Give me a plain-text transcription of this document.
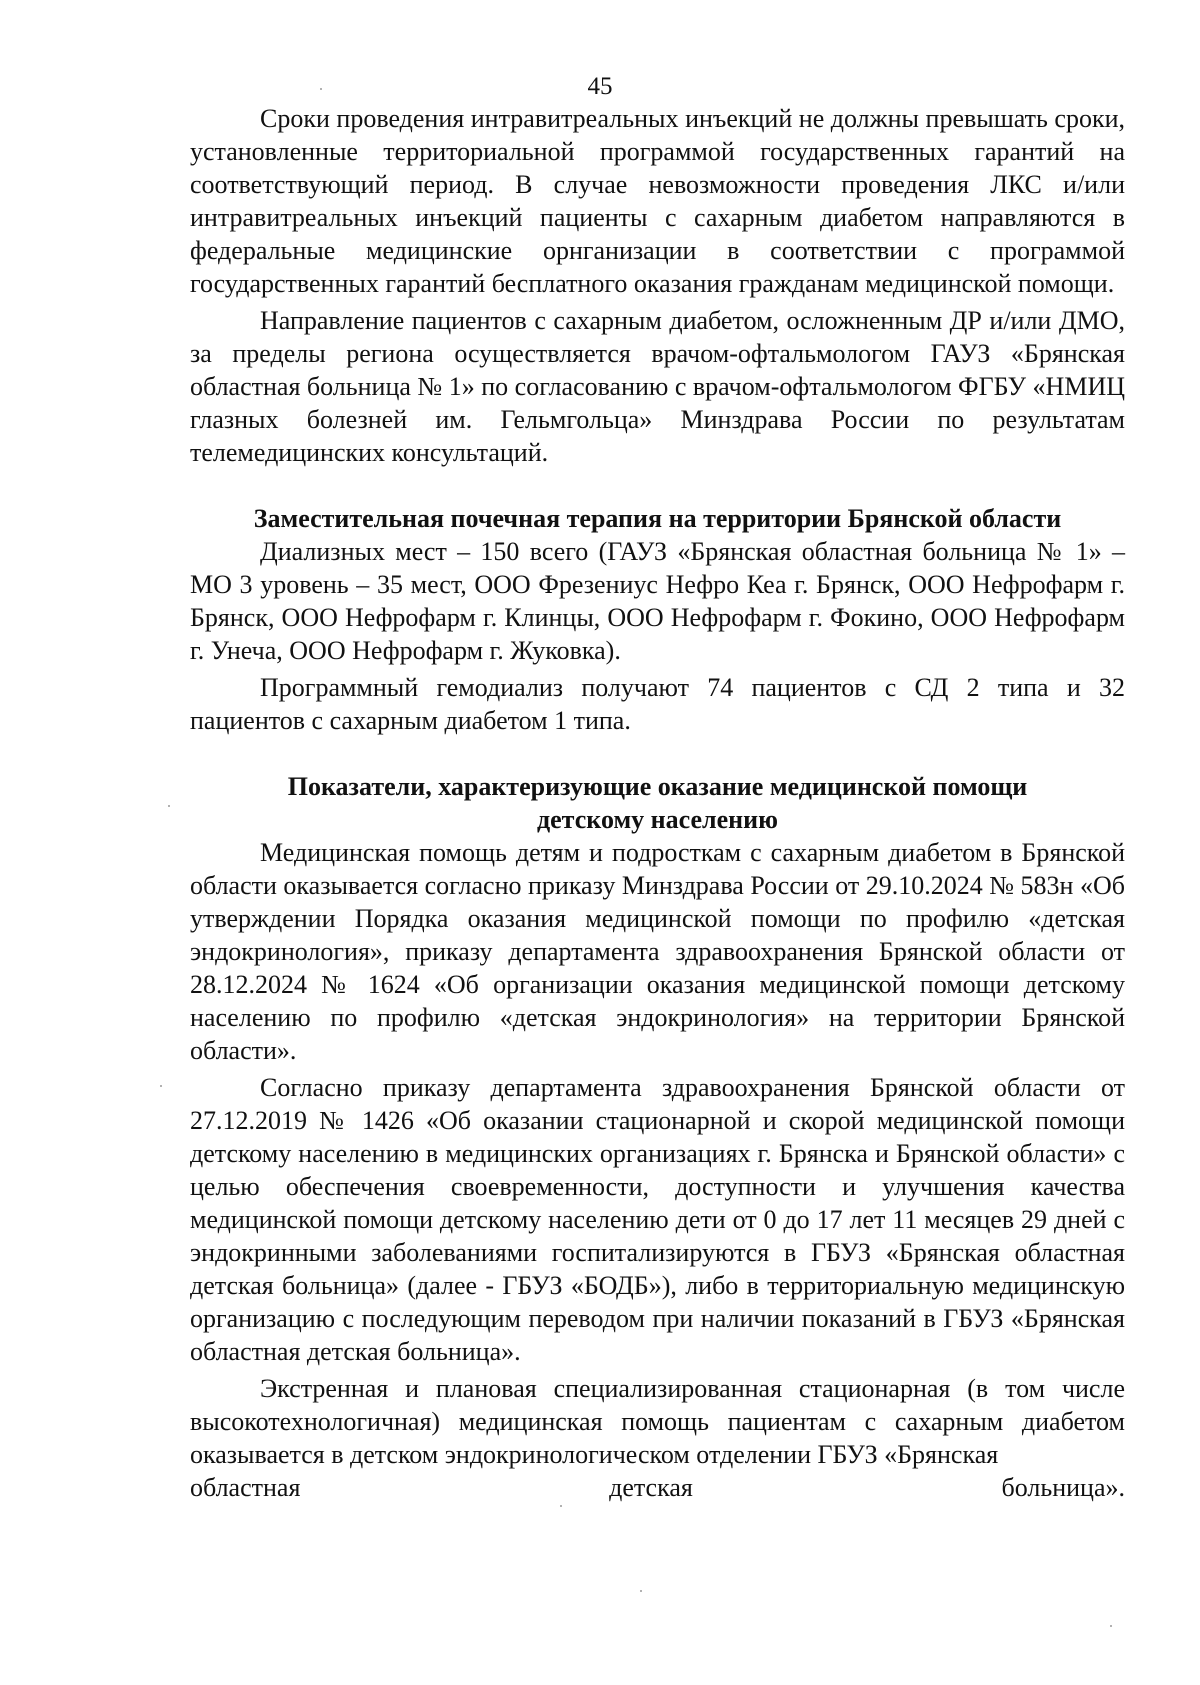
45

Сроки проведения интравитреальных инъекций не должны превышать сроки, установленные территориальной программой государственных гарантий на соответствующий период. В случае невозможности проведения ЛКС и/или интравитреальных инъекций пациенты с сахарным диабетом направляются в федеральные медицинские орнганизации в соответствии с программой государственных гарантий бесплатного оказания гражданам медицинской помощи.

Направление пациентов с сахарным диабетом, осложненным ДР и/или ДМО, за пределы региона осуществляется врачом-офтальмологом ГАУЗ «Брянская областная больница № 1» по согласованию с врачом-офтальмологом ФГБУ «НМИЦ глазных болезней им. Гельмгольца» Минздрава России по результатам телемедицинских консультаций.

Заместительная почечная терапия на территории Брянской области

Диализных мест – 150 всего (ГАУЗ «Брянская областная больница № 1» – МО 3 уровень – 35 мест, ООО Фрезениус Нефро Кеа г. Брянск, ООО Нефрофарм г. Брянск, ООО Нефрофарм г. Клинцы, ООО Нефрофарм г. Фокино, ООО Нефрофарм г. Унеча, ООО Нефрофарм г. Жуковка).

Программный гемодиализ получают 74 пациентов с СД 2 типа и 32 пациентов с сахарным диабетом 1 типа.

Показатели, характеризующие оказание медицинской помощи
детскому населению

Медицинская помощь детям и подросткам с сахарным диабетом в Брянской области оказывается согласно приказу Минздрава России от 29.10.2024 № 583н «Об утверждении Порядка оказания медицинской помощи по профилю «детская эндокринология», приказу департамента здравоохранения Брянской области от 28.12.2024 № 1624 «Об организации оказания медицинской помощи детскому населению по профилю «детская эндокринология» на территории Брянской области».

Согласно приказу департамента здравоохранения Брянской области от 27.12.2019 № 1426 «Об оказании стационарной и скорой медицинской помощи детскому населению в медицинских организациях г. Брянска и Брянской области» с целью обеспечения своевременности, доступности и улучшения качества медицинской помощи детскому населению дети от 0 до 17 лет 11 месяцев 29 дней с эндокринными заболеваниями госпитализируются в ГБУЗ «Брянская областная детская больница» (далее - ГБУЗ «БОДБ»), либо в территориальную медицинскую организацию с последующим переводом при наличии показаний в ГБУЗ «Брянская областная детская больница».

Экстренная и плановая специализированная стационарная (в том числе высокотехнологичная) медицинская помощь пациентам с сахарным диабетом оказывается в детском эндокринологическом отделении ГБУЗ «Брянская

областная	детская	больница».
